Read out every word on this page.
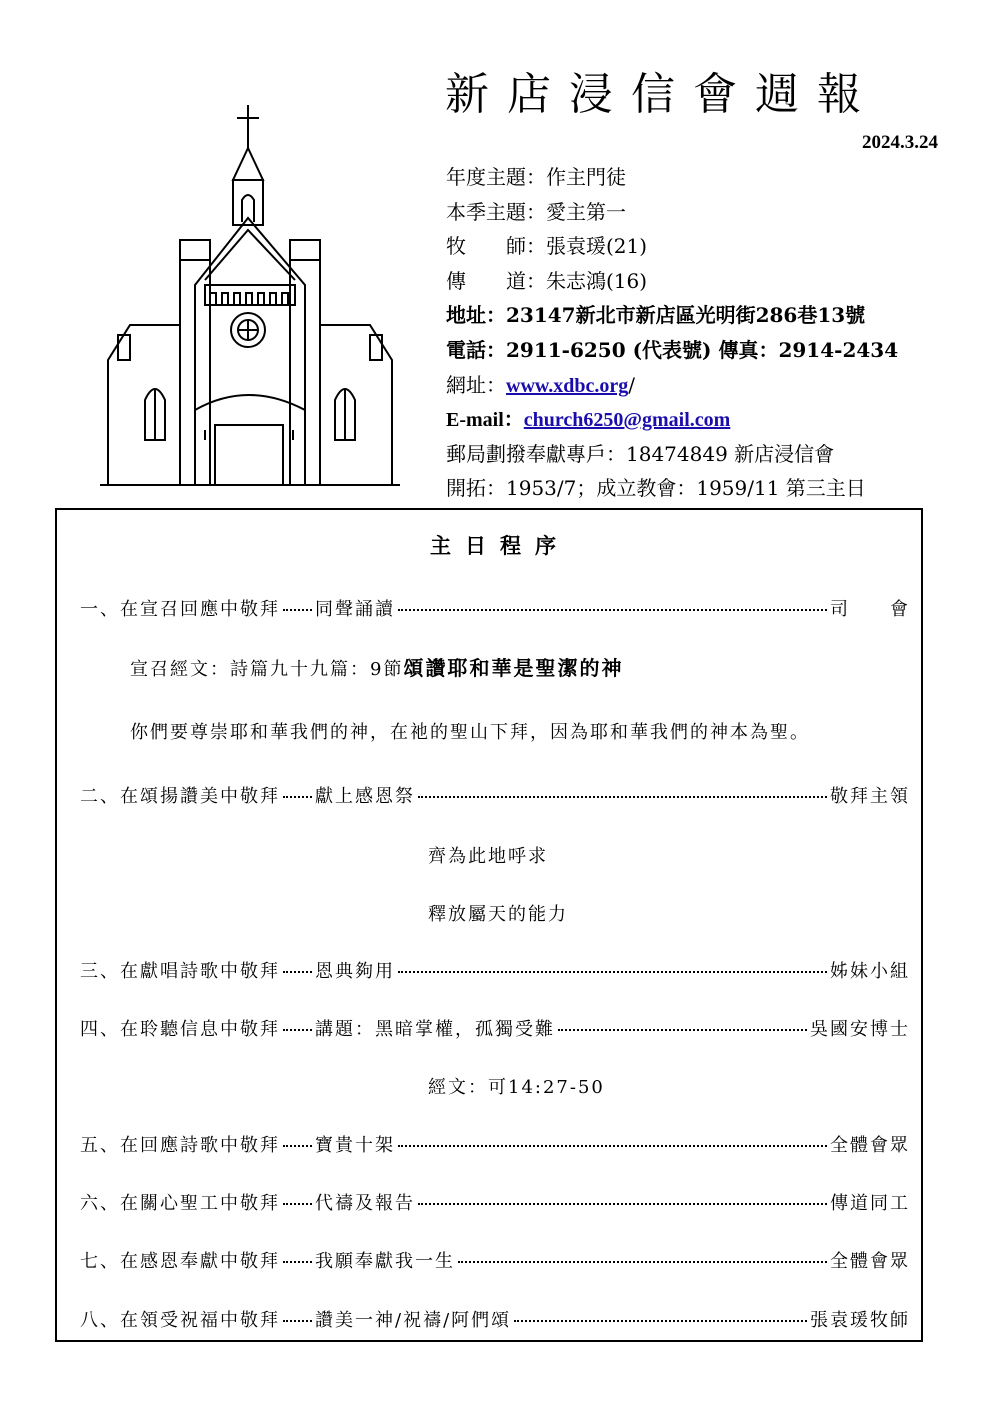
新店浸信會週報
2024.3.24
年度主題：作主門徒
本季主題：愛主第一
牧 師：張袁瑗(21)
傳 道：朱志鴻(16)
地址：23147新北市新店區光明街286巷13號
電話：2911-6250 (代表號) 傳真：2914-2434
網址：www.xdbc.org/
E-mail：church6250@gmail.com
郵局劃撥奉獻專戶：18474849 新店浸信會
開拓：1953/7；成立教會：1959/11 第三主日
主日程序
一、在宣召回應中敬拜 同聲誦讀	司　　會
宣召經文：詩篇九十九篇：9節頌讚耶和華是聖潔的神
你們要尊崇耶和華我們的神，在祂的聖山下拜，因為耶和華我們的神本為聖。
二、在頌揚讚美中敬拜 獻上感恩祭	敬拜主領
齊為此地呼求
釋放屬天的能力
三、在獻唱詩歌中敬拜 恩典夠用	姊妹小組
四、在聆聽信息中敬拜 講題：黑暗掌權，孤獨受難	吳國安博士
經文：可14:27-50
五、在回應詩歌中敬拜 寶貴十架	全體會眾
六、在關心聖工中敬拜 代禱及報告	傳道同工
七、在感恩奉獻中敬拜 我願奉獻我一生	全體會眾
八、在領受祝福中敬拜 讚美一神/祝禱/阿們頌	張袁瑗牧師
